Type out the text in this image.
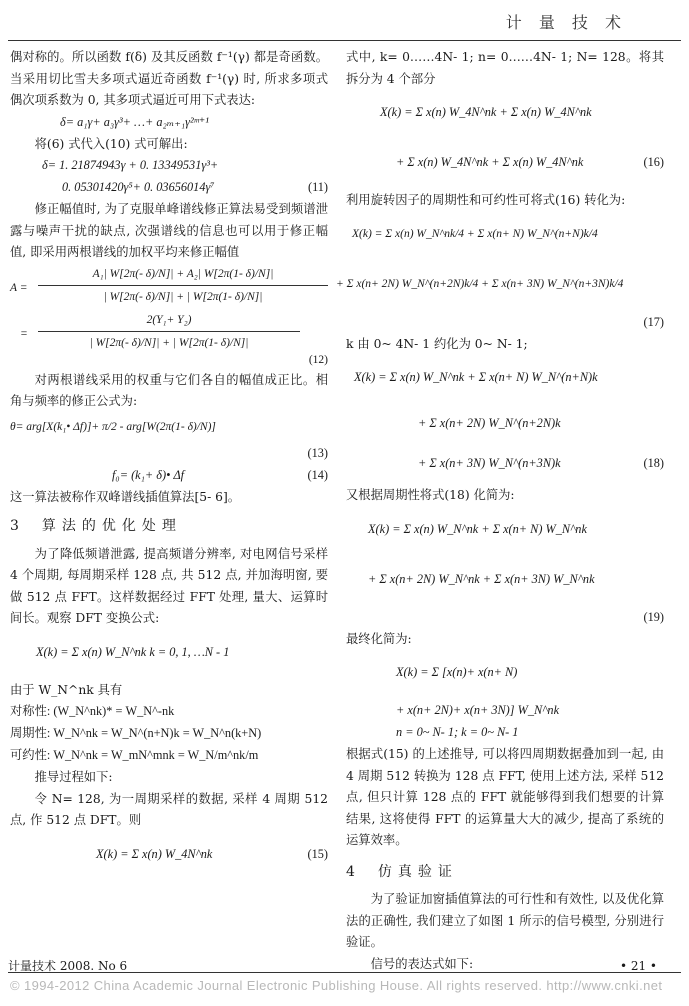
计 量 技 术

偶对称的。所以函数 f(δ) 及其反函数 f⁻¹(γ) 都是奇函数。当采用切比雪夫多项式逼近奇函数 f⁻¹(γ) 时, 所求多项式偶次项系数为 0, 其多项式逼近可用下式表达:

δ= a₁γ+ a₃γ³+ …+ a₂ₘ₊₁γ²ᵐ⁺¹

将(6) 式代入(10) 式可解出:

δ= 1. 21874943γ + 0. 13349531γ³+
0. 05301420γ⁵+ 0. 03656014γ⁷	(11)

修正幅值时, 为了克服单峰谱线修正算法易受到频谱泄露与噪声干扰的缺点, 次强谱线的信息也可以用于修正幅值, 即采用两根谱线的加权平均来修正幅值

A =
A₁| W[2π(- δ)/N]| + A₂| W[2π(1- δ)/N]|
| W[2π(- δ)/N]| + | W[2π(1- δ)/N]|
=
2(Y₁+ Y₂)
| W[2π(- δ)/N]| + | W[2π(1- δ)/N]|
(12)

对两根谱线采用的权重与它们各自的幅值成正比。相角与频率的修正公式为:

θ= arg[X(k₁• Δf)]+ π/2 - arg[W(2π(1- δ)/N)]
(13)
f₀= (k₁+ δ)• Δf	(14)

这一算法被称作双峰谱线插值算法[5- 6]。

3 算法的优化处理

为了降低频谱泄露, 提高频谱分辨率, 对电网信号采样 4 个周期, 每周期采样 128 点, 共 512 点, 并加海明窗, 要做 512 点 FFT。这样数据经过 FFT 处理, 量大、运算时间长。观察 DFT 变换公式:

X(k) = Σ x(n) W_N^nk k = 0, 1, …N - 1

由于 W_N^nk 具有

对称性: (W_N^nk)* = W_N^-nk
周期性: W_N^nk = W_N^(n+N)k = W_N^n(k+N)
可约性: W_N^nk = W_mN^mnk = W_N/m^nk/m

推导过程如下:

令 N= 128, 为一周期采样的数据, 采样 4 周期 512 点, 作 512 点 DFT。则

X(k) = Σ x(n) W_4N^nk	(15)

式中, k= 0……4N- 1; n= 0……4N- 1; N= 128。将其拆分为 4 个部分

X(k) = Σ x(n) W_4N^nk + Σ x(n) W_4N^nk
+ Σ x(n) W_4N^nk + Σ x(n) W_4N^nk	(16)

利用旋转因子的周期性和可约性可将式(16) 转化为:

X(k) = Σ x(n) W_N^nk/4 + Σ x(n+ N) W_N^(n+N)k/4
+ Σ x(n+ 2N) W_N^(n+2N)k/4 + Σ x(n+ 3N) W_N^(n+3N)k/4
(17)

k 由 0~ 4N- 1 约化为 0~ N- 1;

X(k) = Σ x(n) W_N^nk + Σ x(n+ N) W_N^(n+N)k
+ Σ x(n+ 2N) W_N^(n+2N)k
+ Σ x(n+ 3N) W_N^(n+3N)k	(18)

又根据周期性将式(18) 化简为:

X(k) = Σ x(n) W_N^nk + Σ x(n+ N) W_N^nk
+ Σ x(n+ 2N) W_N^nk + Σ x(n+ 3N) W_N^nk
(19)

最终化简为:

X(k) = Σ [x(n)+ x(n+ N)
+ x(n+ 2N)+ x(n+ 3N)] W_N^nk
n = 0~ N- 1; k = 0~ N- 1

根据式(15) 的上述推导, 可以将四周期数据叠加到一起, 由 4 周期 512 转换为 128 点 FFT, 使用上述方法, 采样 512 点, 但只计算 128 点的 FFT 就能够得到我们想要的计算结果, 这将使得 FFT 的运算量大大的减少, 提高了系统的运算效率。

4 仿真验证

为了验证加窗插值算法的可行性和有效性, 以及优化算法的正确性, 我们建立了如图 1 所示的信号模型, 分别进行验证。

信号的表达式如下:

计量技术 2008. No 6	• 21 •
© 1994-2012 China Academic Journal Electronic Publishing House. All rights reserved. http://www.cnki.net
